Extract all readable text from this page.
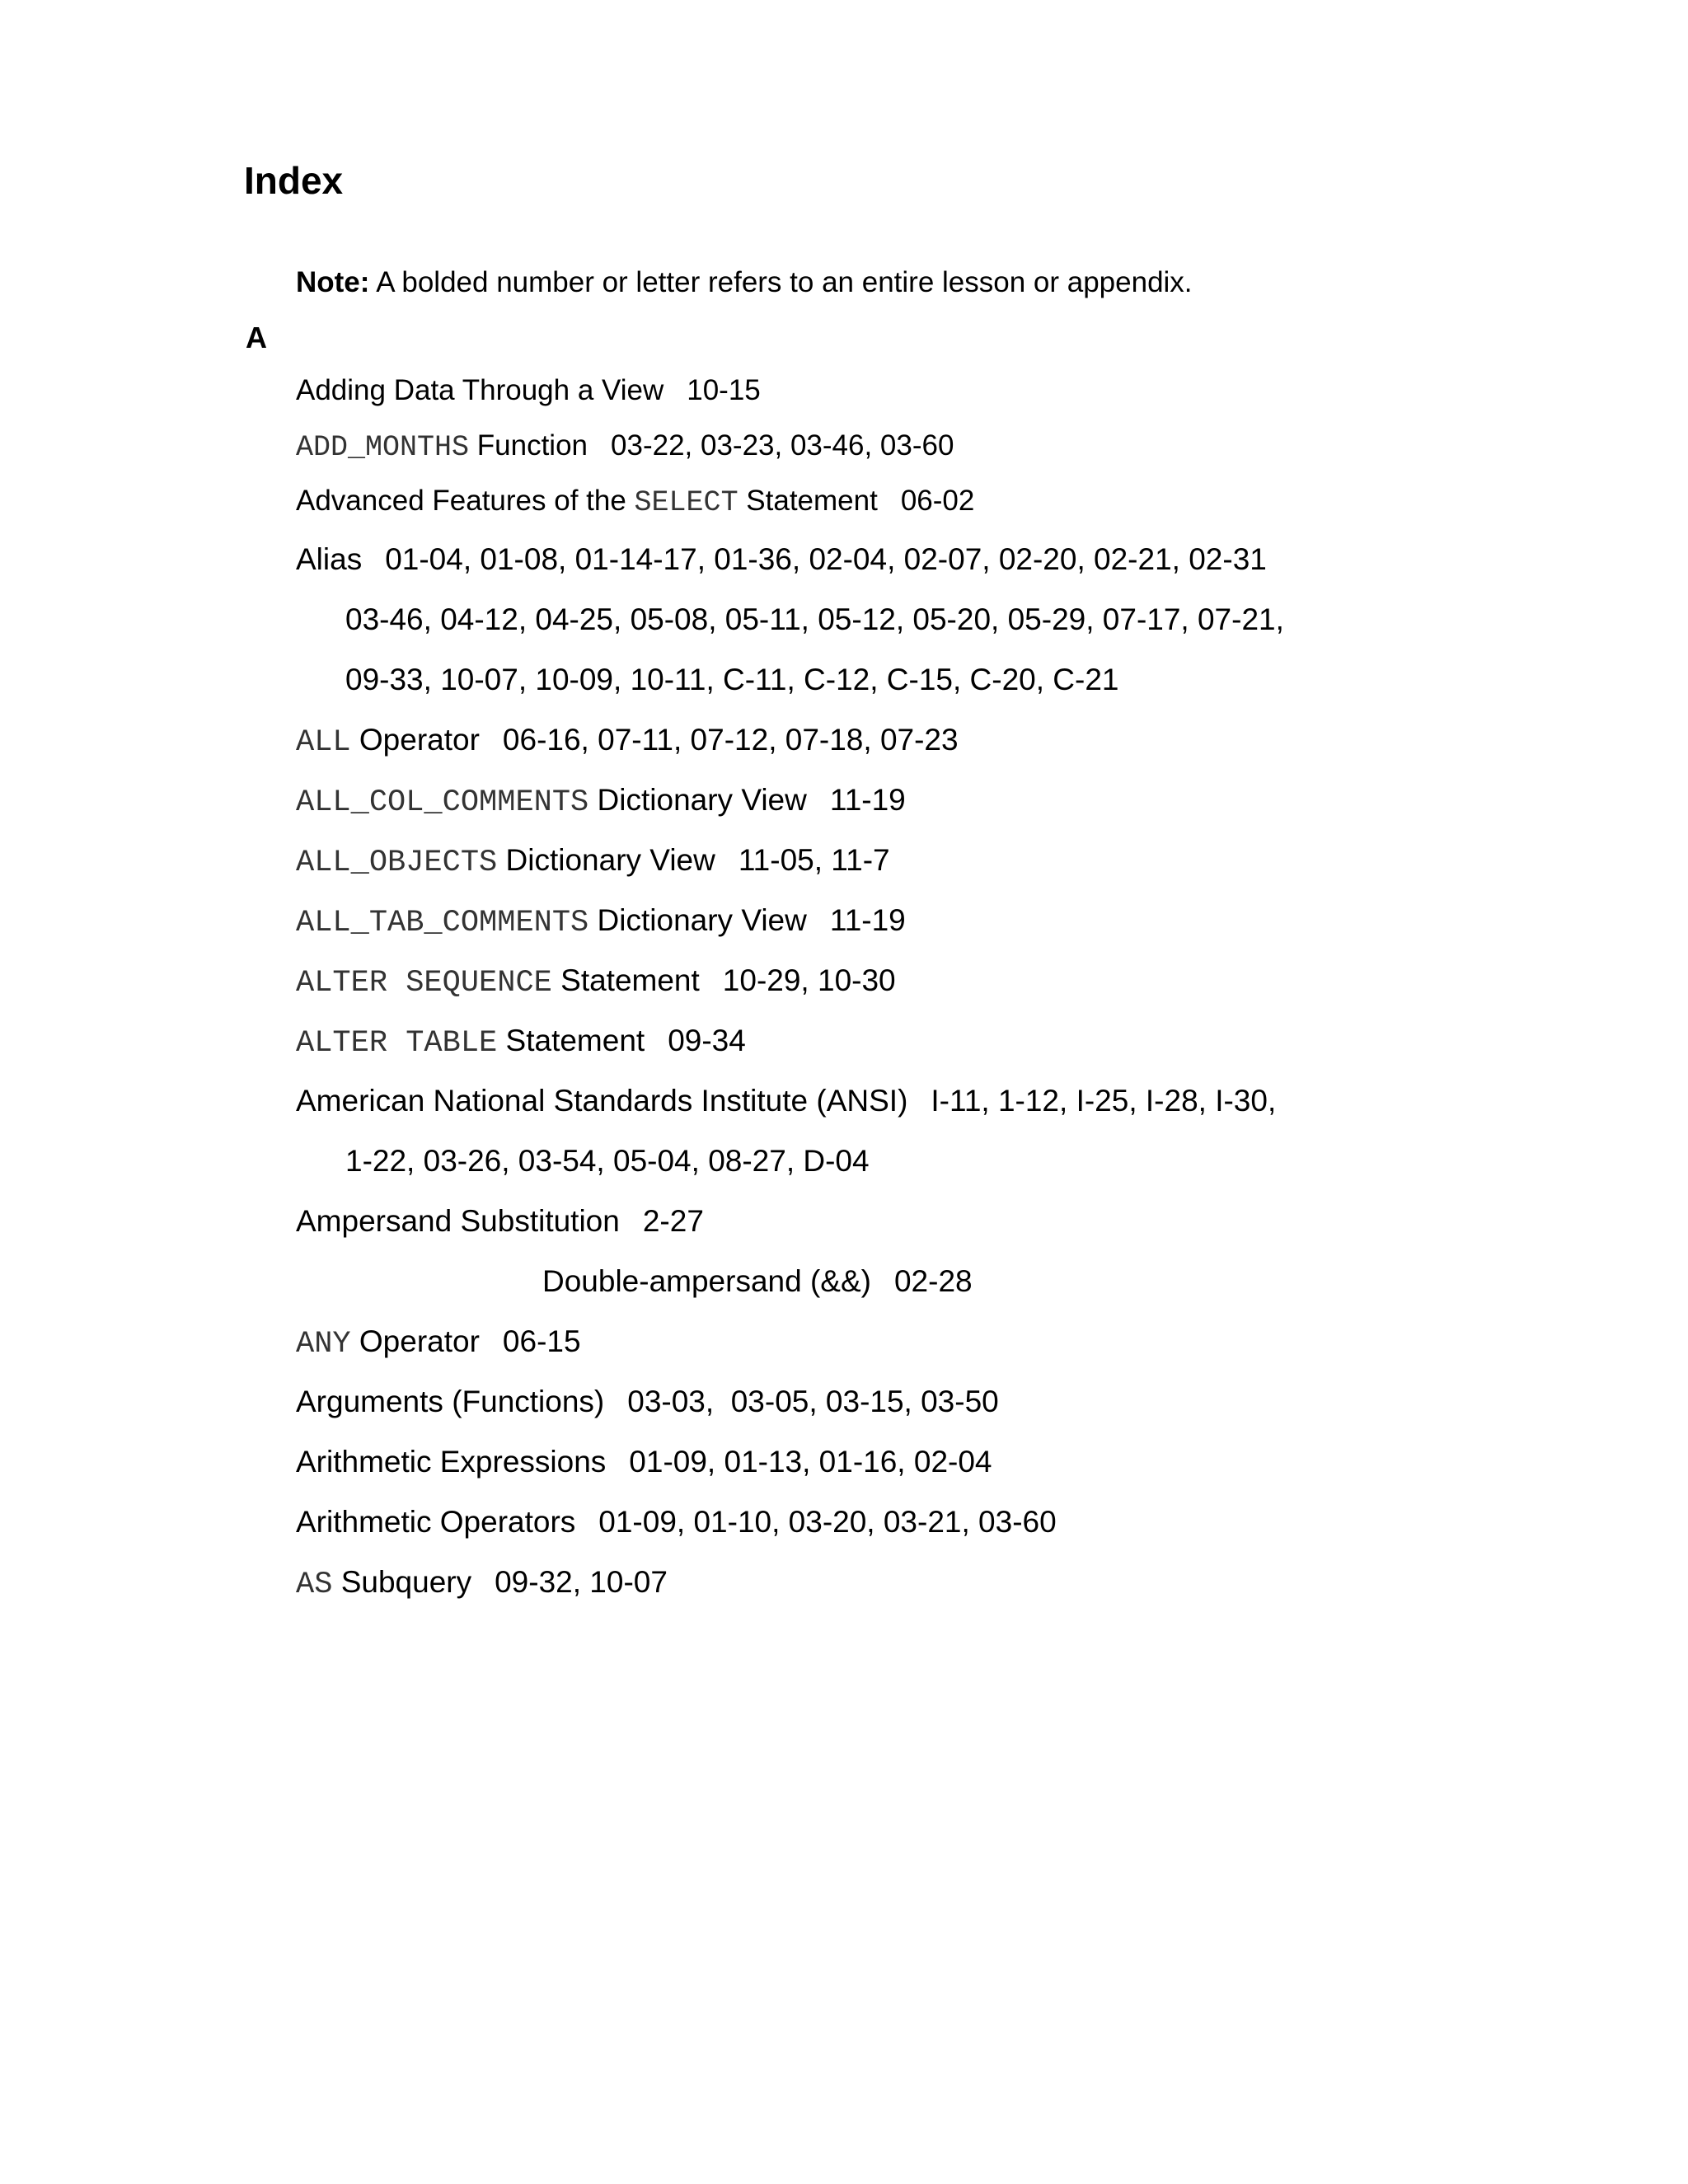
Index
Note: A bolded number or letter refers to an entire lesson or appendix.
A
Adding Data Through a View 10-15
ADD_MONTHS Function 03-22, 03-23, 03-46, 03-60
Advanced Features of the SELECT Statement 06-02
Alias 01-04, 01-08, 01-14-17, 01-36, 02-04, 02-07, 02-20, 02-21, 02-31
03-46, 04-12, 04-25, 05-08, 05-11, 05-12, 05-20, 05-29, 07-17, 07-21,
09-33, 10-07, 10-09, 10-11, C-11, C-12, C-15, C-20, C-21
ALL Operator 06-16, 07-11, 07-12, 07-18, 07-23
ALL_COL_COMMENTS Dictionary View 11-19
ALL_OBJECTS Dictionary View 11-05, 11-7
ALL_TAB_COMMENTS Dictionary View 11-19
ALTER SEQUENCE Statement 10-29, 10-30
ALTER TABLE Statement 09-34
American National Standards Institute (ANSI) I-11, 1-12, I-25, I-28, I-30,
1-22, 03-26, 03-54, 05-04, 08-27, D-04
Ampersand Substitution 2-27
Double-ampersand (&&) 02-28
ANY Operator 06-15
Arguments (Functions) 03-03,  03-05, 03-15, 03-50
Arithmetic Expressions 01-09, 01-13, 01-16, 02-04
Arithmetic Operators 01-09, 01-10, 03-20, 03-21, 03-60
AS Subquery 09-32, 10-07
